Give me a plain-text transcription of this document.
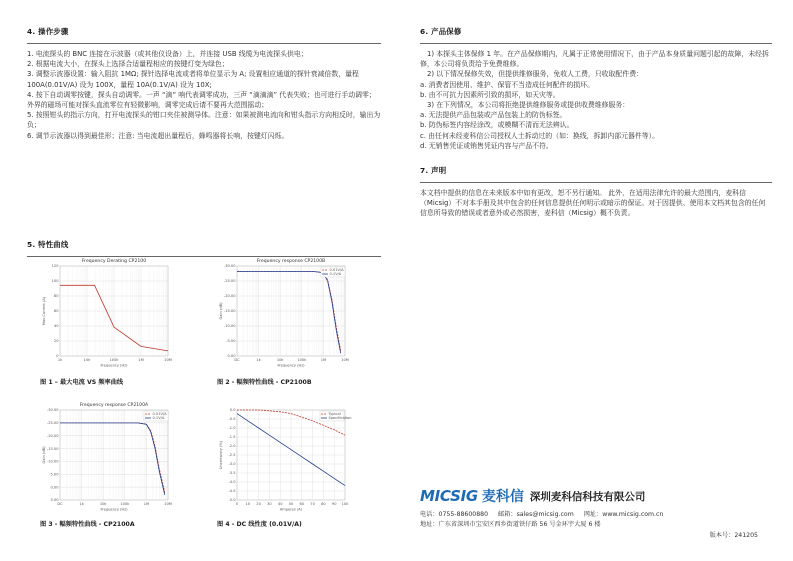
4. 操作步骤

1. 电流探头的 BNC 连接在示波器（或其他仪设备）上，并连接 USB 线缆为电流探头供电；

2. 根据电流大小，在探头上选择合适量程相应的按键灯变为绿色；

3. 调整示波器设置：输入阻抗 1MΩ; 探针选择电流或者将单位显示为 A; 设置相应通道的探针衰减倍数，量程 100A(0.01V/A) 设为 100X，量程 10A(0.1V/A) 设为 10X;

4. 按下自动调零按键，探头自动调零。一声 “滴” 响代表调零成功，三声 “滴滴滴” 代表失败；也可进行手动调零；外界的磁场可能对探头直流零位有轻微影响，调零完成后请不要再大范围摇动；

5. 按照钳头的指示方向，打开电流探头的钳口夹住被测导体。注意：如果被测电流向和钳头指示方向相反时，输出为负；

6. 调节示波器以得到最佳形；注意: 当电流超出量程后，蜂鸣器将长响，按键灯闪烁。

5. 特性曲线
Frequency Derating CP2100
1k	10k	100k	1M	10M
0
20
40
60
80
100
120
Frequency (Hz)
Max Current (A)
图 1 – 最大电流 VS 频率曲线
Frequency response CP2100B
DC	1k	10k	100k	1M	10M
0.00
-5.00
-10.00
-15.00
-20.00
-25.00
-30.00
Frequency (Hz)
Gain (dB)
0.01V/A
0.1V/A
图 2 - 幅频特性曲线 - CP2100B
Frequency response CP2100A
DC	1k	10k	100k	1M	10M
5.00
0.00
-5.00
-10.00
-15.00
-20.00
-25.00
-30.00
Frequency (Hz)
Gain (dB)
0.01V/A
0.1V/A
图 3 - 幅频特性曲线 - CP2100A
0 10 20 30 40 50 60 70 80 90 100
0.0
-0.5
-1.0
-1.5
-2.0
-2.5
-3.0
-3.5
-4.0
-4.5
-5.0
Amperes (A)
Uncertainty (%)
Typical
Specification
图 4 - DC 线性度 (0.01V/A)
6. 产品保修

1) 本探头主体保修 1 年。在产品保修期内，凡属于正常使用情况下，由于产品本身质量问题引起的故障，未经拆修，本公司将负责给予免费维修。

2) 以下情况保修失效，但提供维修服务，免收人工费，只收取配件费：

a. 消费者因使用、维护、保管不当造成任何配件的损坏。

b. 由不可抗力因素所引致的损坏，如天灾等。

3) 在下列情况，本公司将拒绝提供维修服务或提供收费维修服务：

a. 无法提供产品包装或产品包装上的防伪标签。

b. 防伪标签内容经涂改，或模糊不清而无法辨认。

c. 由任何未经麦科信公司授权人士拆动过的（如：换线，拆卸内部元器件等）。

d. 无销售凭证或销售凭证内容与产品不符。

7. 声明

本文档中提供的信息在未来版本中如有更改，恕不另行通知。 此外，在适用法律允许的最大范围内，麦科信（Micsig）不对本手册及其中包含的任何信息提供任何明示或暗示的保证。对于因提供、使用本文档其包含的任何信息所导致的错误或者意外或必然损害，麦科信（Micsig）概不负责。

MICSIG 麦科信 深圳麦科信科技有限公司
电话：0755-88600880 邮箱：sales@micsig.com 网址：www.micsig.com.cn
地址：广东省深圳市宝安区西乡街道铁仔路 56 号金环宇大厦 6 楼
版本号：241205
